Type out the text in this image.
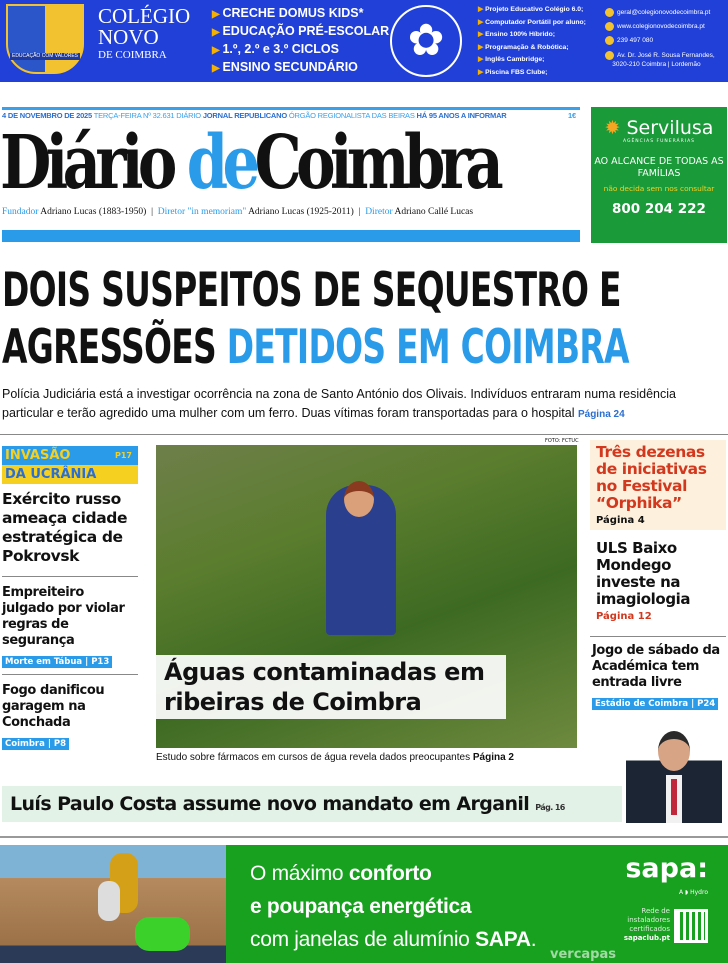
EDUCAÇÃO COM VALORES
COLÉGIO
NOVO
DE COIMBRA
▶ CRECHE DOMUS KIDS*
▶ EDUCAÇÃO PRÉ-ESCOLAR
▶ 1.º, 2.º e 3.º CICLOS
▶ ENSINO SECUNDÁRIO
✿
▶ Projeto Educativo Colégio 6.0;
▶ Computador Portátil por aluno;
▶ Ensino 100% Híbrido;
▶ Programação & Robótica;
▶ Inglês Cambridge;
▶ Piscina FBS Clube;
geral@colegionovodecoimbra.pt
www.colegionovodecoimbra.pt
239 497 080
Av. Dr. José R. Sousa Fernandes,
3020-210 Coimbra | Lordemão
4 DE NOVEMBRO DE 2025 TERÇA-FEIRA Nº 32.631 DIÁRIO JORNAL REPUBLICANO ÓRGÃO REGIONALISTA DAS BEIRAS HÁ 95 ANOS A INFORMAR	1€
Diário deCoimbra
Fundador Adriano Lucas (1883-1950)  |  Diretor "in memoriam" Adriano Lucas (1925-2011)  |  Diretor Adriano Callé Lucas
✹ Servilusa
AGÊNCIAS FUNERÁRIAS
AO ALCANCE DE TODAS AS FAMÍLIAS
não decida sem nos consultar
800 204 222
DOIS SUSPEITOS DE SEQUESTRO E
AGRESSÕES DETIDOS EM COIMBRA
Polícia Judiciária está a investigar ocorrência na zona de Santo António dos Olivais. Indivíduos entraram numa residência particular e terão agredido uma mulher com um ferro. Duas vítimas foram transportadas para o hospital Página 24
P17
INVASÃO
DA UCRÂNIA
Exército russo ameaça cidade estratégica de Pokrovsk
Empreiteiro julgado por violar regras de segurança
Morte em Tábua | P13
Fogo danificou garagem na Conchada
Coimbra | P8
Águas contaminadas em ribeiras de Coimbra
FOTO: FCTUC
Estudo sobre fármacos em cursos de água revela dados preocupantes Página 2
Três dezenas de iniciativas no Festival “Orphika”
Página 4
ULS Baixo Mondego investe na imagiologia
Página 12
Jogo de sábado da Académica tem entrada livre
Estádio de Coimbra | P24
Luís Paulo Costa assume novo mandato em Arganil Pág. 16
O máximo conforto
e poupança energética
com janelas de alumínio SAPA.
vercapas
sapa:
A ◗ Hydro
Rede de instaladores certificados
sapaclub.pt
